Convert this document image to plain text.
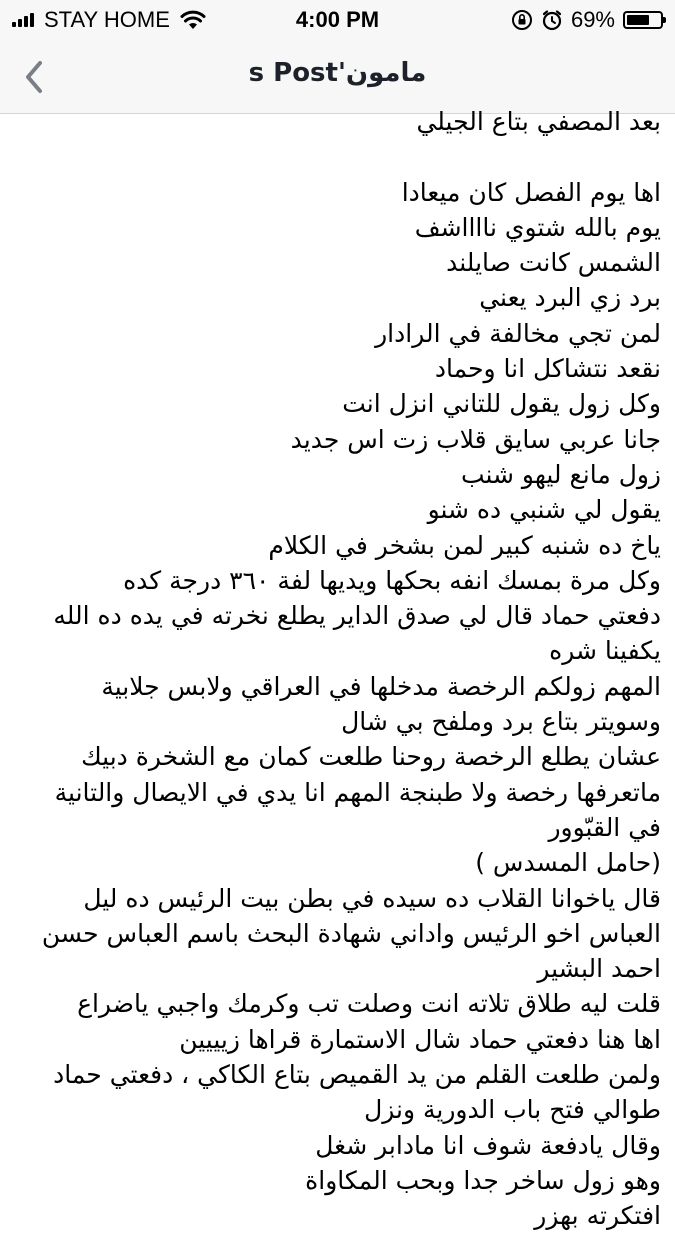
STAY HOME	4:00 PM	69%
مامون's Post
بعد المصفي بتاع الجيلي
اها يوم الفصل كان ميعادا
يوم بالله شتوي نااااشف
الشمس كانت صايلند
برد زي البرد يعني
لمن تجي مخالفة في الرادار
نقعد نتشاكل انا وحماد
وكل زول يقول للتاني انزل انت
جانا عربي سايق قلاب زت اس جديد
زول مانع ليهو شنب
يقول لي شنبي ده شنو
ياخ ده شنبه كبير لمن بشخر في الكلام
وكل مرة بمسك انفه بحكها ويديها لفة ٣٦٠ درجة كده
دفعتي حماد قال لي صدق الداير يطلع نخرته في يده ده الله يكفينا شره
المهم زولكم الرخصة مدخلها في العراقي ولابس جلابية وسويتر بتاع برد وملفح بي شال
عشان يطلع الرخصة روحنا طلعت كمان مع الشخرة دبيك
ماتعرفها رخصة ولا طبنجة المهم انا يدي في الايصال والتانية في القبّوور
(حامل المسدس )
قال ياخوانا القلاب ده سيده في بطن بيت الرئيس ده ليل العباس اخو الرئيس واداني شهادة البحث باسم العباس حسن احمد البشير
قلت ليه طلاق تلاته انت وصلت تب وكرمك واجبي ياضراع
اها هنا دفعتي حماد شال الاستمارة قراها زيييين
ولمن طلعت القلم من يد القميص بتاع الكاكي ، دفعتي حماد طوالي فتح باب الدورية ونزل
وقال يادفعة شوف انا مادابر شغل
وهو زول ساخر جدا وبحب المكاواة
افتكرته بهزر
